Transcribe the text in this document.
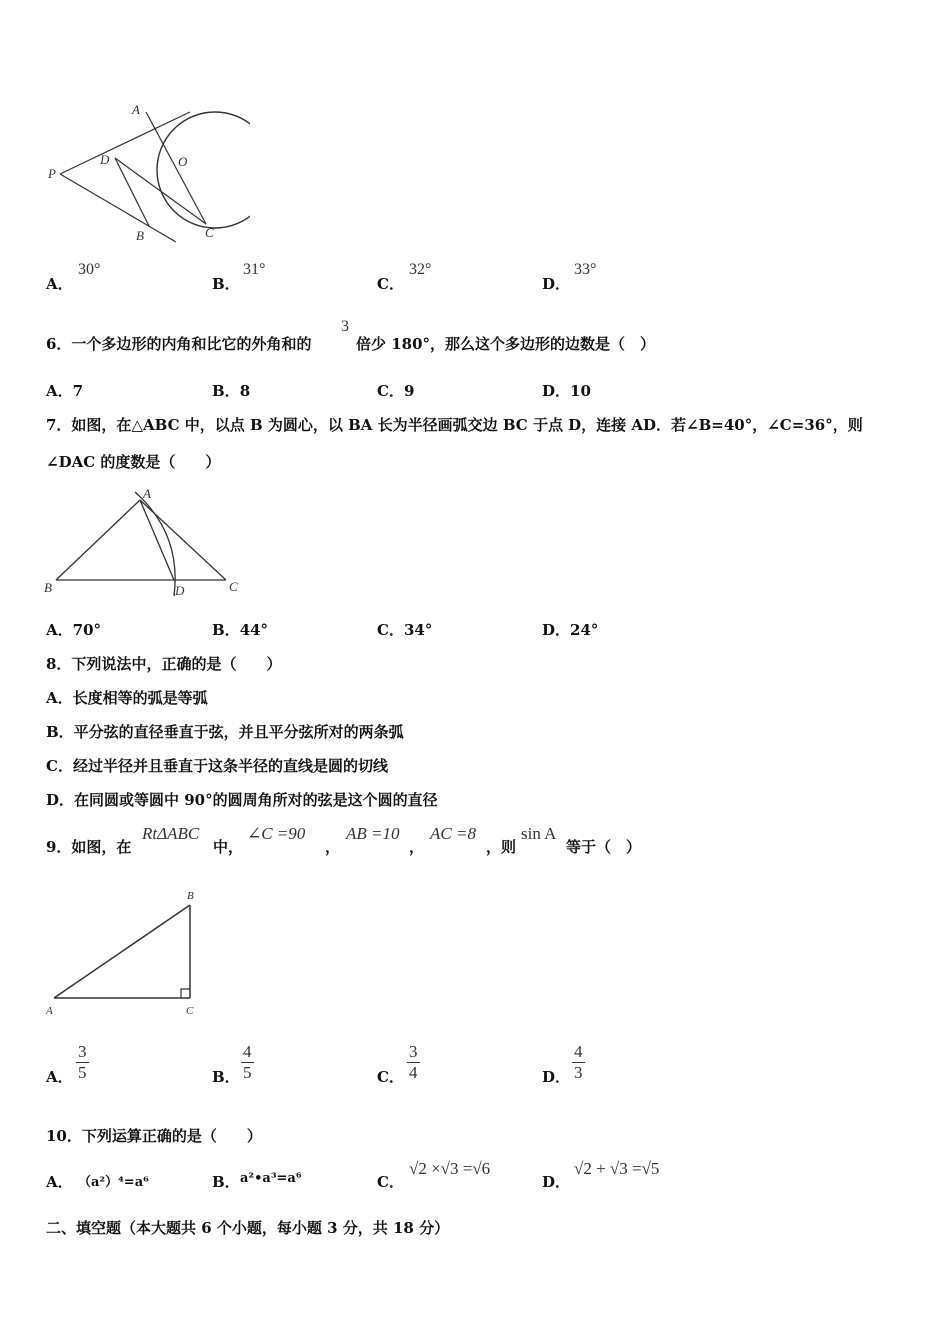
A
O
P
D
B	C
A．
30°
B．
31°
C．
32°
D．
33°
6．一个多边形的内角和比它的外角和的
3
倍少 180°，那么这个多边形的边数是（　）
A．7	B．8	C．9	D．10
7．如图，在△ABC 中，以点 B 为圆心，以 BA 长为半径画弧交边 BC 于点 D，连接 AD．若∠B=40°，∠C=36°，则
∠DAC 的度数是（　　）
A
B	D	C
A．70°	B．44°	C．34°	D．24°
8．下列说法中，正确的是（　　）
A．长度相等的弧是等弧
B．平分弦的直径垂直于弦，并且平分弦所对的两条弧
C．经过半径并且垂直于这条半径的直线是圆的切线
D．在同圆或等圆中 90°的圆周角所对的弦是这个圆的直径
9．如图，在
RtΔABC
中，
∠C =90
，
AB =10
，
AC =8
，则
sin A
等于（　）
B
A	C
A． $\frac{3}{5}$	B． $\frac{4}{5}$	C． $\frac{3}{4}$	D． $\frac{4}{3}$
10．下列运算正确的是（　　）
A． （a²）⁴=a⁶	B． a²•a³=a⁶	C．
√2 ×√3 =√6
D．
√2 + √3 =√5
二、填空题（本大题共 6 个小题，每小题 3 分，共 18 分）
